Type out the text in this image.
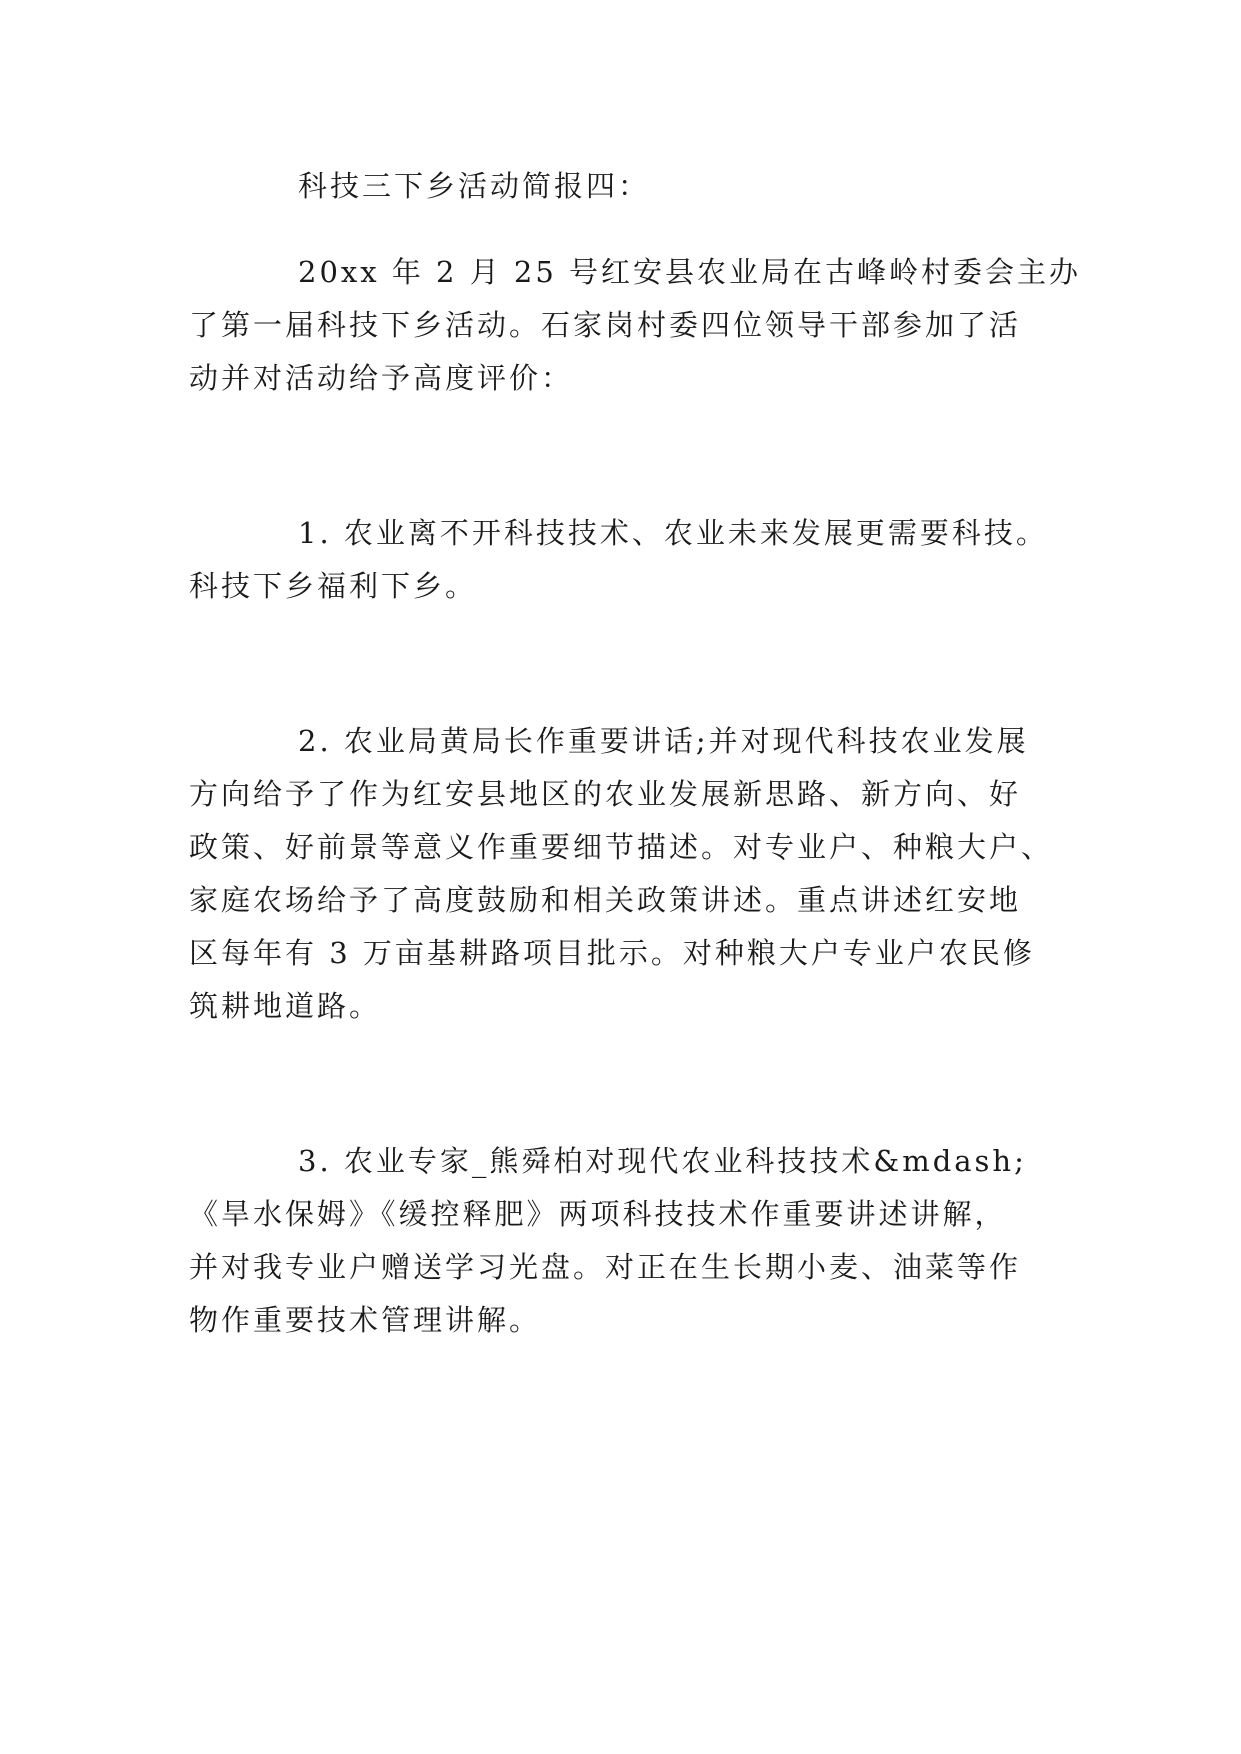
科技三下乡活动简报四：
20xx 年 2 月 25 号红安县农业局在古峰岭村委会主办
了第一届科技下乡活动。石家岗村委四位领导干部参加了活
动并对活动给予高度评价：
1. 农业离不开科技技术、农业未来发展更需要科技。
科技下乡福利下乡。
2. 农业局黄局长作重要讲话;并对现代科技农业发展
方向给予了作为红安县地区的农业发展新思路、新方向、好
政策、好前景等意义作重要细节描述。对专业户、种粮大户、
家庭农场给予了高度鼓励和相关政策讲述。重点讲述红安地
区每年有 3 万亩基耕路项目批示。对种粮大户专业户农民修
筑耕地道路。
3. 农业专家_熊舜柏对现代农业科技技术&mdash;
《旱水保姆》《缓控释肥》两项科技技术作重要讲述讲解，
并对我专业户赠送学习光盘。对正在生长期小麦、油菜等作
物作重要技术管理讲解。
